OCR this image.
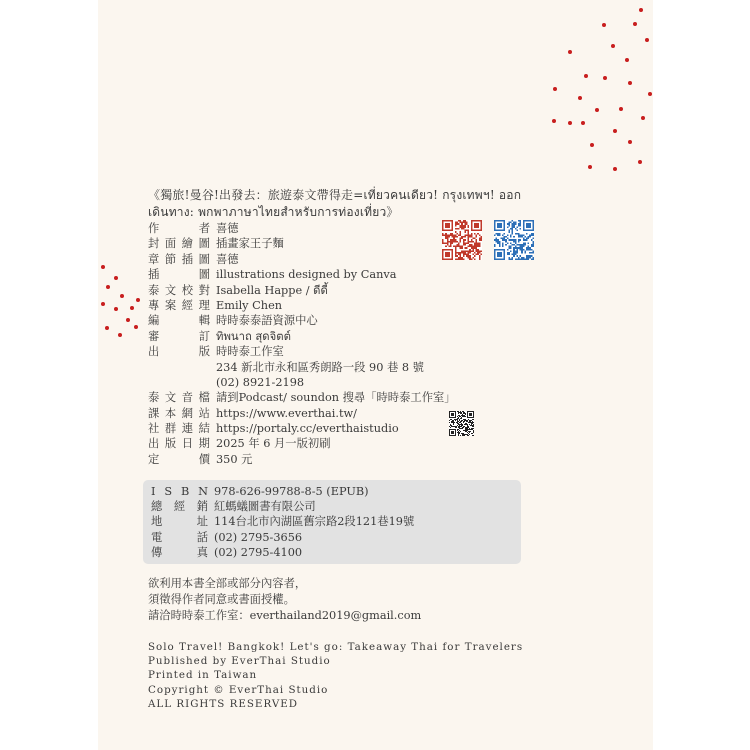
《獨旅!曼谷!出發去：旅遊泰文帶得走=เที่ยวคนเดียว! กรุงเทพฯ! ออก
เดินทาง: พกพาภาษาไทยสำหรับการท่องเที่ยว》
作	者 喜德
封 面 繪 圖 插畫家王子麵
章 節 插 圖 喜德
插	圖 illustrations designed by Canva
泰 文 校 對 Isabella Happe / ดีดี้
專 案 經 理 Emily Chen
編	輯 時時泰泰語資源中心
審	訂 ทิพนาถ สุดจิตต์
出	版 時時泰工作室
234 新北市永和區秀朗路一段 90 巷 8 號
(02) 8921-2198
泰 文 音 檔 請到Podcast/ soundon 搜尋「時時泰工作室」
課 本 網 站 https://www.everthai.tw/
社 群 連 結 https://portaly.cc/everthaistudio
出 版 日 期 2025 年 6 月一版初刷
定	價 350 元
I S B N 978-626-99788-8-5 (EPUB)
總 經 銷 紅螞蟻圖書有限公司
地	址 114台北市內湖區舊宗路2段121巷19號
電	話 (02) 2795-3656
傳	真 (02) 2795-4100
欲利用本書全部或部分內容者，
須徵得作者同意或書面授權。
請洽時時泰工作室：everthailand2019@gmail.com
Solo Travel! Bangkok! Let's go: Takeaway Thai for Travelers
Published by EverThai Studio
Printed in Taiwan
Copyright © EverThai Studio
ALL RIGHTS RESERVED
